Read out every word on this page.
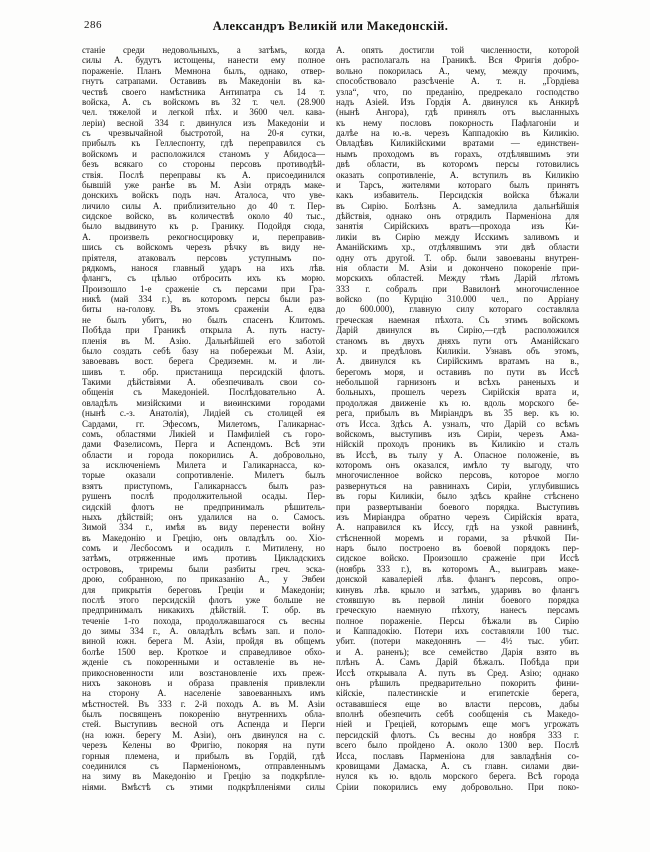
286	Александръ Великій или Македонскій.
станіе среди недовольныхъ, а затѣмъ, когда
силы А. будутъ истощены, нанести ему полное
пораженіе. Планъ Мемнона былъ, однако, отвер-
гнутъ сатрапами. Оставивъ въ Македоніи въ ка-
чествѣ своего намѣстника Антипатра съ 14 т.
войска, А. съ войскомъ въ 32 т. чел. (28.900
чел. тяжелой и легкой пѣх. и 3600 чел. кава-
леріи) весной 334 г. двинулся изъ Македоніи и
съ чрезвычайной быстротой, на 20-я сутки,
прибылъ къ Геллеспонту, гдѣ переправился съ
войскомъ и расположился станомъ у Абидоса—
безъ всякаго со стороны персовъ противодѣй-
ствія. Послѣ переправы къ А. присоединился
бывшій уже ранѣе въ М. Азіи отрядъ маке-
донскихъ войскъ подъ нач. Аталоса, что уве-
личило силы А. приблизительно до 40 т. Пер-
сидское войско, въ количествѣ около 40 тыс.,
было выдвинуто къ р. Гранику. Подойдя сюда,
А. произвелъ рекогносцировку и, переправив-
шись съ войскомъ черезъ рѣчку въ виду не-
пріятеля, атаковалъ персовъ уступнымъ по-
рядкомъ, нанося главный ударъ на ихъ лѣв.
флангъ, съ цѣлью отбросить ихъ къ морю.
Произошло 1-е сраженіе съ персами при Гра-
никѣ (май 334 г.), въ которомъ персы были раз-
биты на-голову. Въ этомъ сраженіи А. едва
не былъ убитъ, но былъ спасенъ Клитомъ.
Побѣда при Граникѣ открыла А. путь насту-
пленія въ М. Азію. Дальнѣйшей его заботой
было создать себѣ базу на побережьи М. Азіи,
завоевавъ вост. берега Средиземн. м. и ли-
шивъ т. обр. пристанища персидскій флотъ.
Такими дѣйствіями А. обезпечивалъ свои со-
общенія съ Македоніей. Послѣдовательно А.
овладѣлъ мизійскими и виѳинскими городами
(нынѣ с.-з. Анатолія), Лидіей съ столицей ея
Сардами, гг. Эфесомъ, Милетомъ, Галикарнас-
сомъ, областями Ликіей и Памфиліей съ горо-
дами Фазелисомъ, Перга и Аспендомъ. Всѣ эти
области и города покорились А. добровольно,
за исключеніемъ Милета и Галикарнасса, ко-
торые оказали сопротивленіе. Милетъ былъ
взятъ приступомъ, Галикарнассъ былъ раз-
рушенъ послѣ продолжительной осады. Пер-
сидскій флотъ не предпринималъ рѣшитель-
ныхъ дѣйствій; онъ удалился на о. Самосъ.
Зимой 334 г., имѣя въ виду перенести войну
въ Македонію и Грецію, онъ овладѣлъ оо. Хіо-
сомъ и Лесбосомъ и осадилъ г. Митилену, но
затѣмъ, отряженные имъ противъ Цикладскихъ
острововъ, триремы были разбиты греч. эска-
дрою, собранною, по приказанію А., у Эвбеи
для прикрытія береговъ Греціи и Македоніи;
послѣ этого персидскій флотъ уже больше не
предпринималъ никакихъ дѣйствій. Т. обр. въ
теченіе 1-го похода, продолжавшагося съ весны
до зимы 334 г., А. овладѣлъ всѣмъ зап. и поло-
виной южн. берега М. Азіи, пройдя въ общемъ
болѣе 1500 вер. Кроткое и справедливое обхо-
жденіе съ покоренными и оставленіе въ не-
прикосновенности или возстановленіе ихъ преж-
нихъ законовъ и образа правленія привлекли
на сторону А. населеніе завоеванныхъ имъ
мѣстностей. Въ 333 г. 2-й походъ А. въ М. Азіи
былъ посвященъ покоренію внутреннихъ обла-
стей. Выступивъ весной отъ Аспенда и Перги
(на южн. берегу М. Азіи), онъ двинулся на с.
черезъ Келены во Фригію, покоряя на пути
горныя племена, и прибылъ въ Гордій, гдѣ
соединился съ Парменіономъ, отправленнымъ
на зиму въ Македонію и Грецію за подкрѣпле-
ніями. Вмѣстѣ съ этими подкрѣпленіями силы
А. опять достигли той численности, которой
онъ располагалъ на Граникѣ. Вся Фригія добро-
вольно покорилась А., чему, между прочимъ,
способствовало разсѣченіе А. т. н. „Гордіева
узла“, что, по преданію, предрекало господство
надъ Азіей. Изъ Гордія А. двинулся къ Анкирѣ
(нынѣ Ангора), гдѣ принялъ отъ высланныхъ
къ нему пословъ покорность Пафлагоніи и
далѣе на ю.-в. черезъ Каппадокію въ Киликію.
Овладѣвъ Киликійскими вратами — единствен-
нымъ проходомъ въ горахъ, отдѣлявшимъ эти
двѣ области, въ которомъ персы готовились
оказать сопротивленіе, А. вступилъ въ Киликію
и Тарсъ, жителями котораго былъ принятъ
какъ избавитель. Персидскія войска бѣжали
въ Сирію. Болѣзнь А. замедлила дальнѣйшія
дѣйствія, однако онъ отрядилъ Парменіона для
занятія Сирійскихъ вратъ—прохода изъ Ки-
ликіи въ Сирію между Исскимъ заливомъ и
Аманійскимъ хр., отдѣлявшимъ эти двѣ области
одну отъ другой. Т. обр. были завоеваны внутрен-
нія области М. Азіи и докончено покореніе при-
морскихъ областей. Между тѣмъ Дарій лѣтомъ
333 г. собралъ при Вавилонѣ многочисленное
войско (по Курцію 310.000 чел., по Арріану
до 600.000), главную силу котораго составляла
греческая наемная пѣхота. Съ этимъ войскомъ
Дарій двинулся въ Сирію,—гдѣ расположился
станомъ въ двухъ дняхъ пути отъ Аманійскаго
хр. и предѣловъ Киликіи. Узнавъ объ этомъ,
А. двинулся къ Сирійскимъ вратамъ на в.,
берегомъ моря, и оставивъ по пути въ Иссѣ
небольшой гарнизонъ и всѣхъ раненыхъ и
больныхъ, прошелъ черезъ Сирійскія врата и,
продолжая движеніе къ ю. вдоль морского бе-
рега, прибылъ въ Миріандръ въ 35 вер. къ ю.
отъ Исса. Здѣсь А. узналъ, что Дарій со всѣмъ
войскомъ, выступивъ изъ Сиріи, черезъ Ама-
нійскій проходъ проникъ въ Киликію и сталъ
въ Иссѣ, въ тылу у А. Опасное положеніе, въ
которомъ онъ оказался, имѣло ту выгоду, что
многочисленное войско персовъ, которое могло
развернуться на равнинахъ Сиріи, углубившись
въ горы Киликіи, было здѣсь крайне стѣснено
при развертываніи боевого порядка. Выступивъ
изъ Миріандра обратно черезъ Сирійскія врата,
А. направился къ Иссу, гдѣ на узкой равнинѣ,
стѣсненной моремъ и горами, за рѣчкой Пи-
наръ было построено въ боевой порядокъ пер-
сидское войско. Произошло сраженіе при Иссѣ
(ноябрь 333 г.), въ которомъ А., выигравъ маке-
донской кавалеріей лѣв. флангъ персовъ, опро-
кинувъ лѣв. крыло и затѣмъ, ударивъ во флангъ
стоявшую въ первой линіи боевого порядка
греческую наемную пѣхоту, нанесъ персамъ
полное пораженіе. Персы бѣжали въ Сирію
и Каппадокію. Потери ихъ составляли 100 тыс.
убит. (потери македонянъ — 4½ тыс. убит.
и А. раненъ); все семейство Дарія взято въ
плѣнъ А. Самъ Дарій бѣжалъ. Побѣда при
Иссѣ открывала А. путь въ Сред. Азію; однако
онъ рѣшилъ предварительно покорить фини-
кійскіе, палестинскіе и египетскіе берега,
остававшіеся еще во власти персовъ, дабы
вполнѣ обезпечить себѣ сообщенія съ Македо-
ніей и Греціей, которымъ еще могъ угрожать
персидскій флотъ. Съ весны до ноября 333 г.
всего было пройдено А. около 1300 вер. Послѣ
Исса, пославъ Парменіона для завладѣнія со-
кровищами Дамаска, А. съ главн. силами дви-
нулся къ ю. вдоль морского берега. Всѣ города
Сріии покорились ему добровольно. При поко-
